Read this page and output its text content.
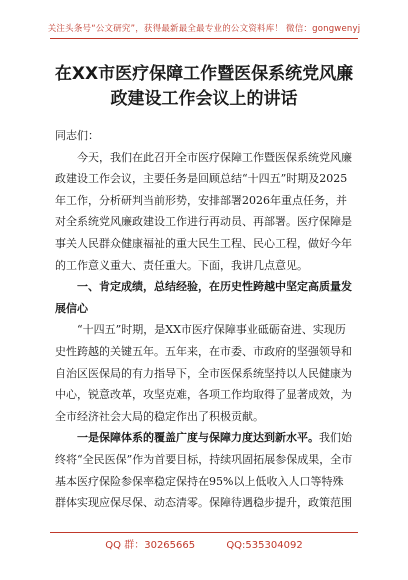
关注头条号“公文研究”，获得最新最全最专业的公文资料库！ 微信：gongwenyj
在XX市医疗保障工作暨医保系统党风廉
政建设工作会议上的讲话

同志们：

今天，我们在此召开全市医疗保障工作暨医保系统党风廉政建设工作会议，主要任务是回顾总结“十四五”时期及2025年工作，分析研判当前形势，安排部署2026年重点任务，并对全系统党风廉政建设工作进行再动员、再部署。医疗保障是事关人民群众健康福祉的重大民生工程、民心工程，做好今年的工作意义重大、责任重大。下面，我讲几点意见。

一、肯定成绩，总结经验，在历史性跨越中坚定高质量发展信心

“十四五”时期，是XX市医疗保障事业砥砺奋进、实现历史性跨越的关键五年。五年来，在市委、市政府的坚强领导和自治区医保局的有力指导下，全市医保系统坚持以人民健康为中心，锐意改革，攻坚克难，各项工作均取得了显著成效，为全市经济社会大局的稳定作出了积极贡献。

一是保障体系的覆盖广度与保障力度达到新水平。我们始终将“全民医保”作为首要目标，持续巩固拓展参保成果，全市基本医疗保险参保率稳定保持在95%以上低收入人口等特殊群体实现应保尽保、动态清零。保障待遇稳步提升，政策范围

QQ 群：30265665	QQ:535304092
